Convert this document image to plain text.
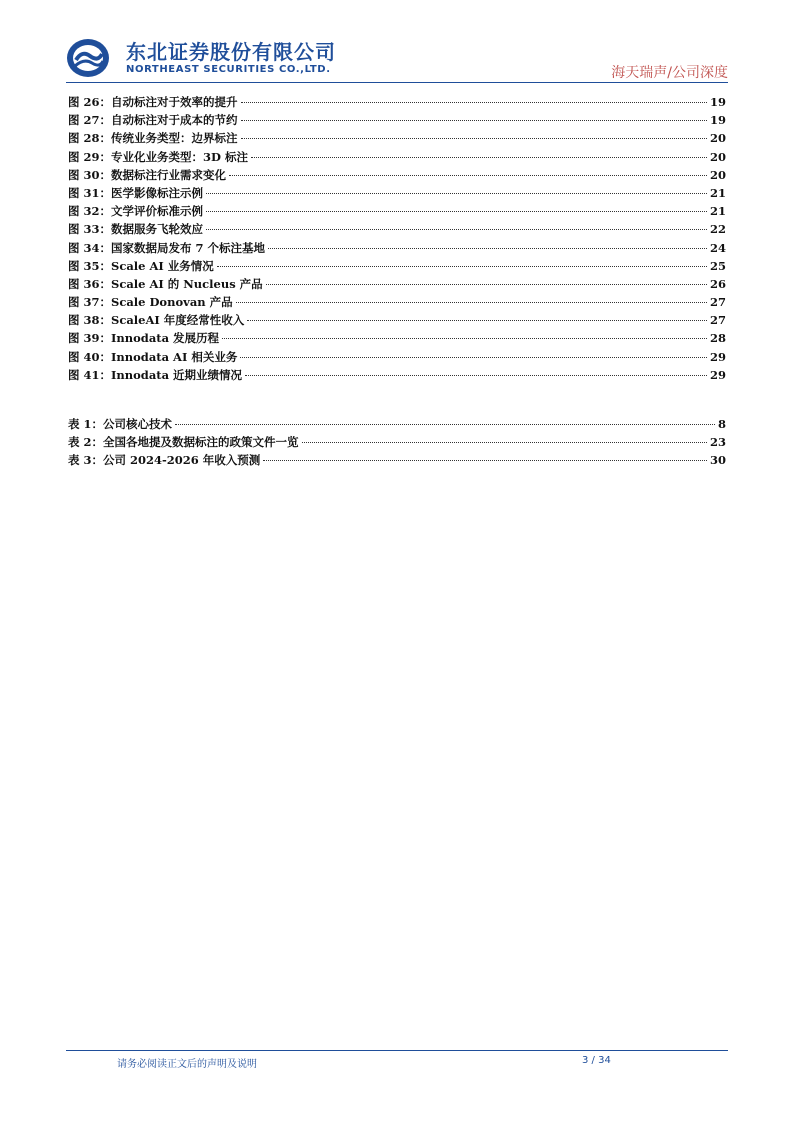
东北证券股份有限公司
NORTHEAST SECURITIES CO.,LTD.	海天瑞声/公司深度
图 26： 自动标注对于效率的提升	19
图 27： 自动标注对于成本的节约	19
图 28： 传统业务类型：边界标注	20
图 29： 专业化业务类型：3D 标注	20
图 30： 数据标注行业需求变化	20
图 31： 医学影像标注示例	21
图 32： 文学评价标准示例	21
图 33： 数据服务飞轮效应	22
图 34： 国家数据局发布 7 个标注基地	24
图 35： Scale AI 业务情况	25
图 36： Scale AI 的 Nucleus 产品	26
图 37： Scale Donovan 产品	27
图 38： ScaleAI 年度经常性收入	27
图 39： Innodata 发展历程	28
图 40： Innodata AI 相关业务	29
图 41： Innodata 近期业绩情况	29
表 1： 公司核心技术	8
表 2： 全国各地提及数据标注的政策文件一览	23
表 3： 公司 2024-2026 年收入预测	30
请务必阅读正文后的声明及说明	3 / 34
